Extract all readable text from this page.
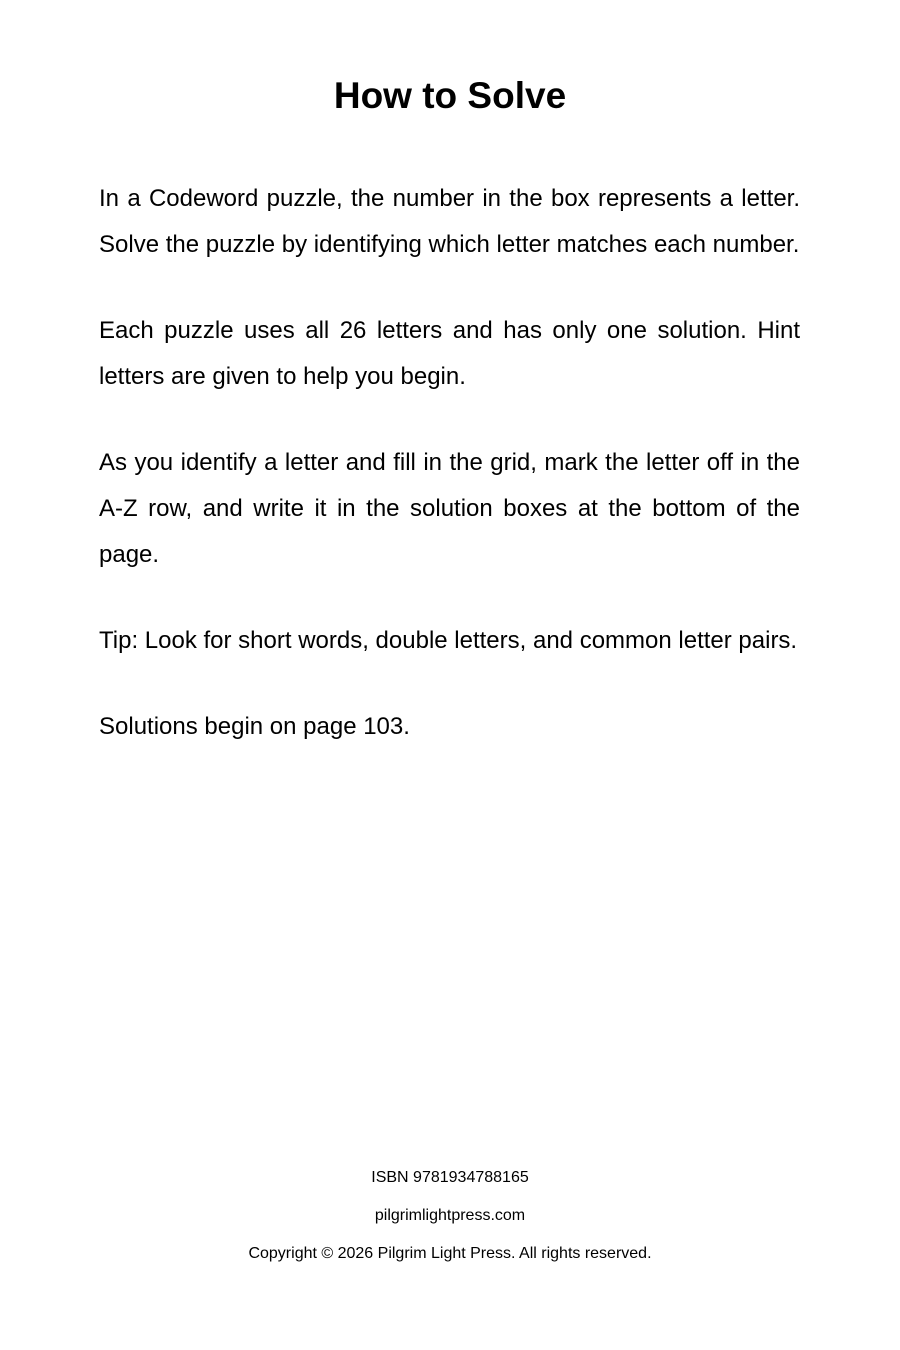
How to Solve

In a Codeword puzzle, the number in the box represents a letter. Solve the puzzle by identifying which letter matches each number.

Each puzzle uses all 26 letters and has only one solution. Hint letters are given to help you begin.

As you identify a letter and fill in the grid, mark the letter off in the A-Z row, and write it in the solution boxes at the bottom of the page.

Tip: Look for short words, double letters, and common letter pairs.

Solutions begin on page 103.

ISBN 9781934788165

pilgrimlightpress.com

Copyright © 2026 Pilgrim Light Press. All rights reserved.
